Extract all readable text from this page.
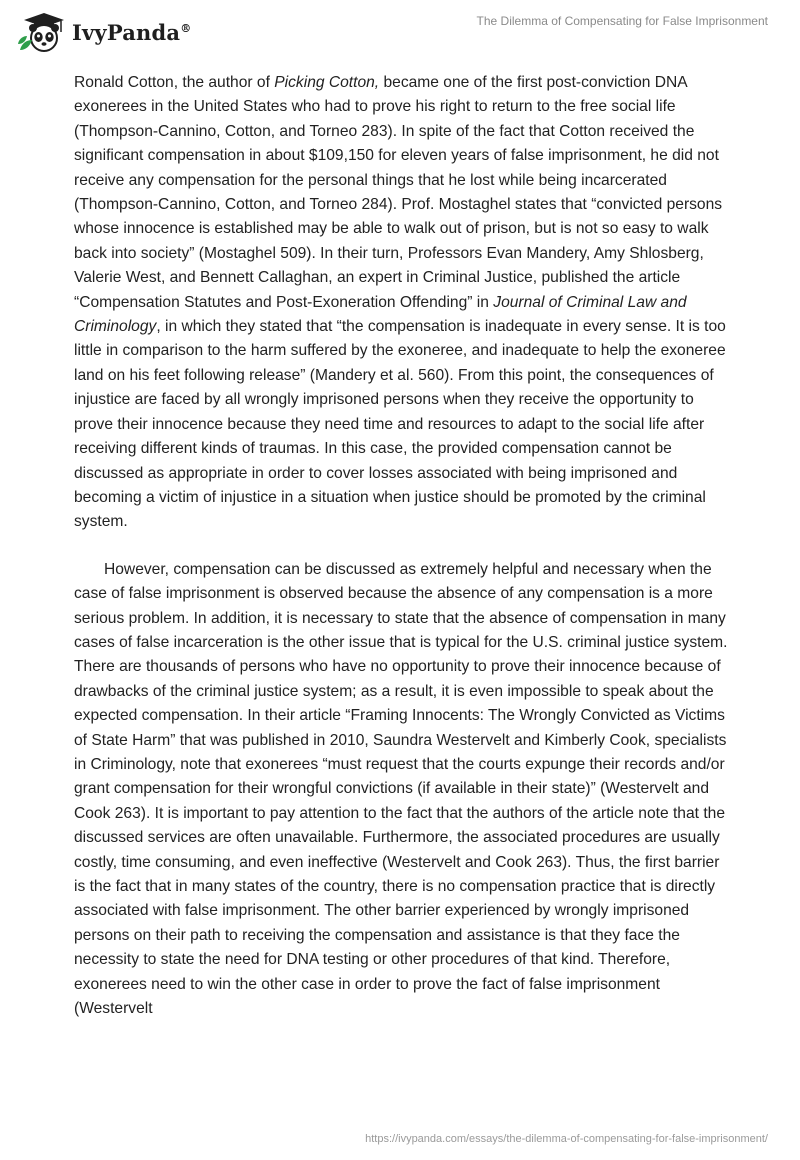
IvyPanda®	The Dilemma of Compensating for False Imprisonment

Ronald Cotton, the author of Picking Cotton, became one of the first post-conviction DNA exonerees in the United States who had to prove his right to return to the free social life (Thompson-Cannino, Cotton, and Torneo 283). In spite of the fact that Cotton received the significant compensation in about $109,150 for eleven years of false imprisonment, he did not receive any compensation for the personal things that he lost while being incarcerated (Thompson-Cannino, Cotton, and Torneo 284). Prof. Mostaghel states that “convicted persons whose innocence is established may be able to walk out of prison, but is not so easy to walk back into society” (Mostaghel 509). In their turn, Professors Evan Mandery, Amy Shlosberg, Valerie West, and Bennett Callaghan, an expert in Criminal Justice, published the article “Compensation Statutes and Post-Exoneration Offending” in Journal of Criminal Law and Criminology, in which they stated that “the compensation is inadequate in every sense. It is too little in comparison to the harm suffered by the exoneree, and inadequate to help the exoneree land on his feet following release” (Mandery et al. 560). From this point, the consequences of injustice are faced by all wrongly imprisoned persons when they receive the opportunity to prove their innocence because they need time and resources to adapt to the social life after receiving different kinds of traumas. In this case, the provided compensation cannot be discussed as appropriate in order to cover losses associated with being imprisoned and becoming a victim of injustice in a situation when justice should be promoted by the criminal system.

However, compensation can be discussed as extremely helpful and necessary when the case of false imprisonment is observed because the absence of any compensation is a more serious problem. In addition, it is necessary to state that the absence of compensation in many cases of false incarceration is the other issue that is typical for the U.S. criminal justice system. There are thousands of persons who have no opportunity to prove their innocence because of drawbacks of the criminal justice system; as a result, it is even impossible to speak about the expected compensation. In their article “Framing Innocents: The Wrongly Convicted as Victims of State Harm” that was published in 2010, Saundra Westervelt and Kimberly Cook, specialists in Criminology, note that exonerees “must request that the courts expunge their records and/or grant compensation for their wrongful convictions (if available in their state)” (Westervelt and Cook 263). It is important to pay attention to the fact that the authors of the article note that the discussed services are often unavailable. Furthermore, the associated procedures are usually costly, time consuming, and even ineffective (Westervelt and Cook 263). Thus, the first barrier is the fact that in many states of the country, there is no compensation practice that is directly associated with false imprisonment. The other barrier experienced by wrongly imprisoned persons on their path to receiving the compensation and assistance is that they face the necessity to state the need for DNA testing or other procedures of that kind. Therefore, exonerees need to win the other case in order to prove the fact of false imprisonment (Westervelt

https://ivypanda.com/essays/the-dilemma-of-compensating-for-false-imprisonment/
